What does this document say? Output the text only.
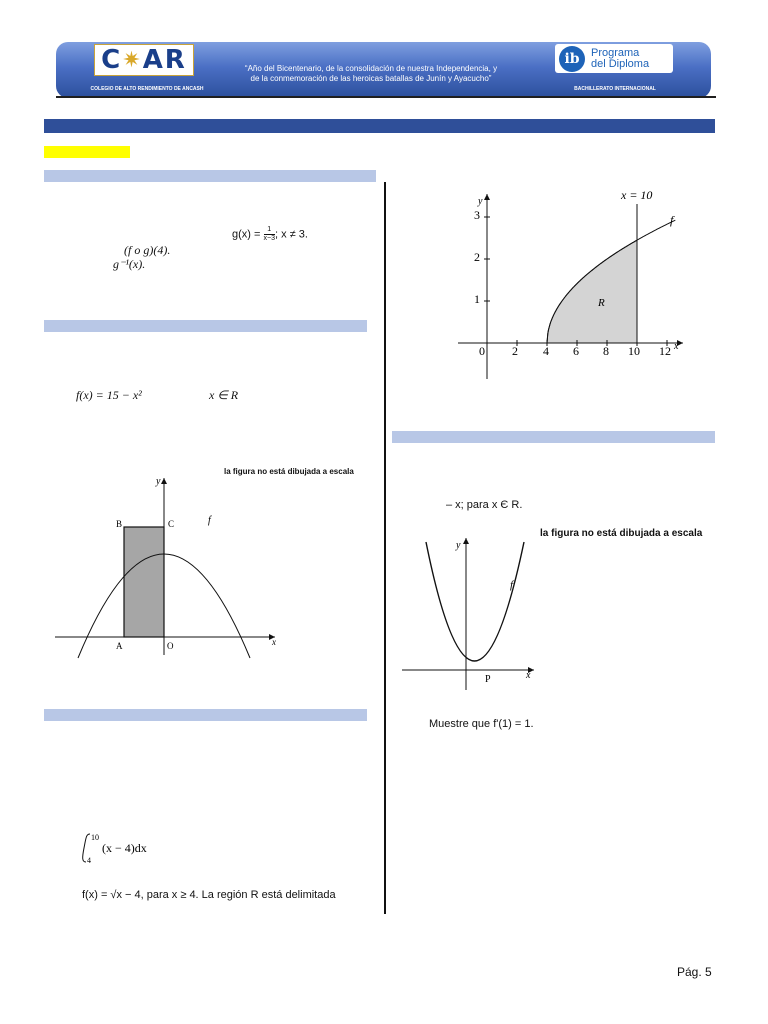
C ✷ AR
COLEGIO DE ALTO RENDIMIENTO DE ANCASH
“Año del Bicentenario, de la consolidación de nuestra Independencia, y
de la conmemoración de las heroicas batallas de Junín y Ayacucho”
ib	Programa
del Diploma
BACHILLERATO INTERNACIONAL
$g(x) = \frac{1}{x-3}$ ; x ≠ 3.
(f o g)(4).
g⁻¹(x).
f(x) = 15 − x²	x ∈ R
la figura no está dibujada a escala
y
x
f
B	C
A	O
10
4
(x − 4)dx
f(x) = √x − 4, para x ≥ 4. La región R está delimitada
0 2 4 6 8 10 12
1
2
3
y
x
f
R
x = 10
– x; para x Є R.
la figura no está dibujada a escala
y
x
f
P
Muestre que f'(1) = 1.
Pág. 5
